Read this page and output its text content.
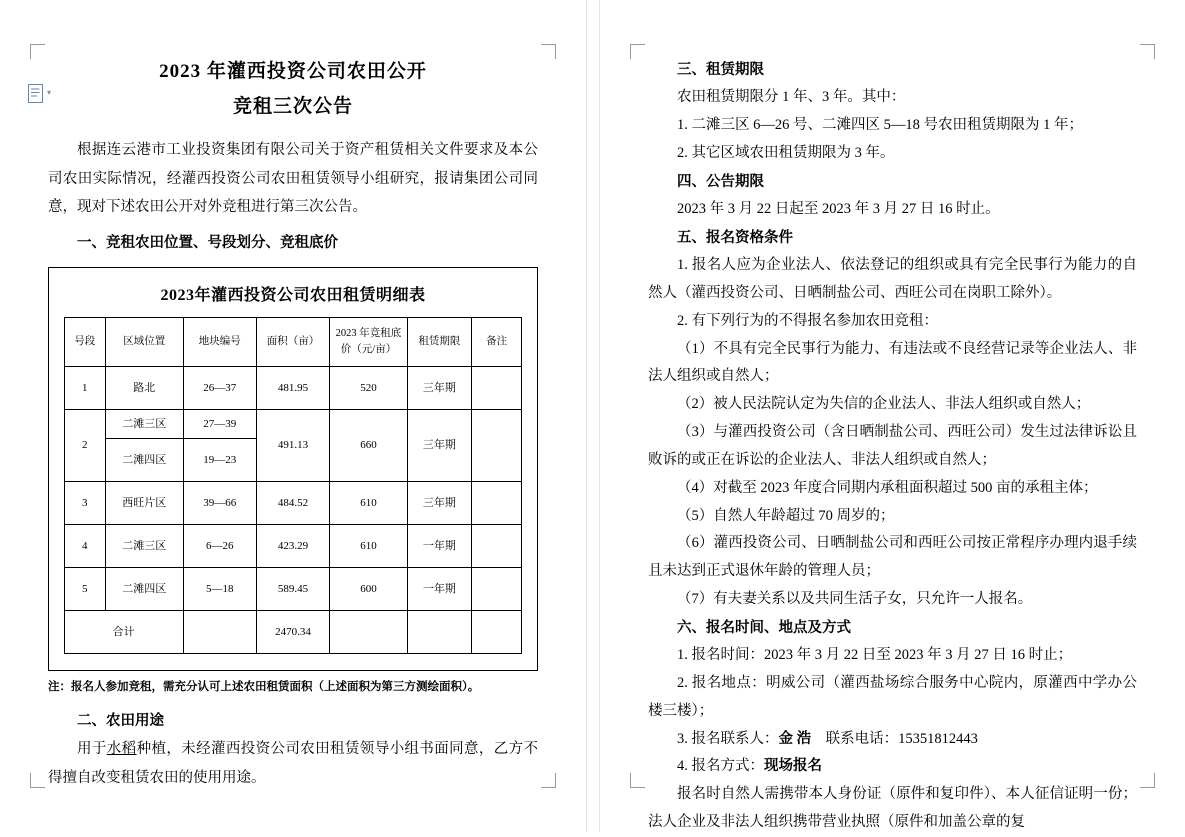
▾
2023 年灌西投资公司农田公开
竞租三次公告

根据连云港市工业投资集团有限公司关于资产租赁相关文件要求及本公司农田实际情况，经灌西投资公司农田租赁领导小组研究，报请集团公司同意，现对下述农田公开对外竞租进行第三次公告。

一、竞租农田位置、号段划分、竞租底价

2023年灌西投资公司农田租赁明细表
号段	区域位置	地块编号	面积（亩）	2023 年竞租底价（元/亩）	租赁期限	备注
1	路北	26—37	481.95	520	三年期	
2	二滩三区	27—39	491.13	660	三年期	
	二滩四区	19—23				
3	西旺片区	39—66	484.52	610	三年期	
4	二滩三区	6—26	423.29	610	一年期	
5	二滩四区	5—18	589.45	600	一年期	
合计			2470.34			

注：报名人参加竞租，需充分认可上述农田租赁面积（上述面积为第三方测绘面积）。

二、农田用途

用于水稻种植，未经灌西投资公司农田租赁领导小组书面同意，乙方不得擅自改变租赁农田的使用用途。

三、租赁期限

农田租赁期限分 1 年、3 年。其中：

1. 二滩三区 6—26 号、二滩四区 5—18 号农田租赁期限为 1 年；

2. 其它区域农田租赁期限为 3 年。

四、公告期限

2023 年 3 月 22 日起至 2023 年 3 月 27 日 16 时止。

五、报名资格条件

1. 报名人应为企业法人、依法登记的组织或具有完全民事行为能力的自然人（灌西投资公司、日晒制盐公司、西旺公司在岗职工除外）。

2. 有下列行为的不得报名参加农田竞租：

（1）不具有完全民事行为能力、有违法或不良经营记录等企业法人、非法人组织或自然人；

（2）被人民法院认定为失信的企业法人、非法人组织或自然人；

（3）与灌西投资公司（含日晒制盐公司、西旺公司）发生过法律诉讼且败诉的或正在诉讼的企业法人、非法人组织或自然人；

（4）对截至 2023 年度合同期内承租面积超过 500 亩的承租主体；

（5）自然人年龄超过 70 周岁的；

（6）灌西投资公司、日晒制盐公司和西旺公司按正常程序办理内退手续且未达到正式退休年龄的管理人员；

（7）有夫妻关系以及共同生活子女，只允许一人报名。

六、报名时间、地点及方式

1. 报名时间：2023 年 3 月 22 日至 2023 年 3 月 27 日 16 时止；

2. 报名地点：明威公司（灌西盐场综合服务中心院内，原灌西中学办公楼三楼）；

3. 报名联系人：金 浩 联系电话：15351812443

4. 报名方式：现场报名

报名时自然人需携带本人身份证（原件和复印件）、本人征信证明一份；法人企业及非法人组织携带营业执照（原件和加盖公章的复
